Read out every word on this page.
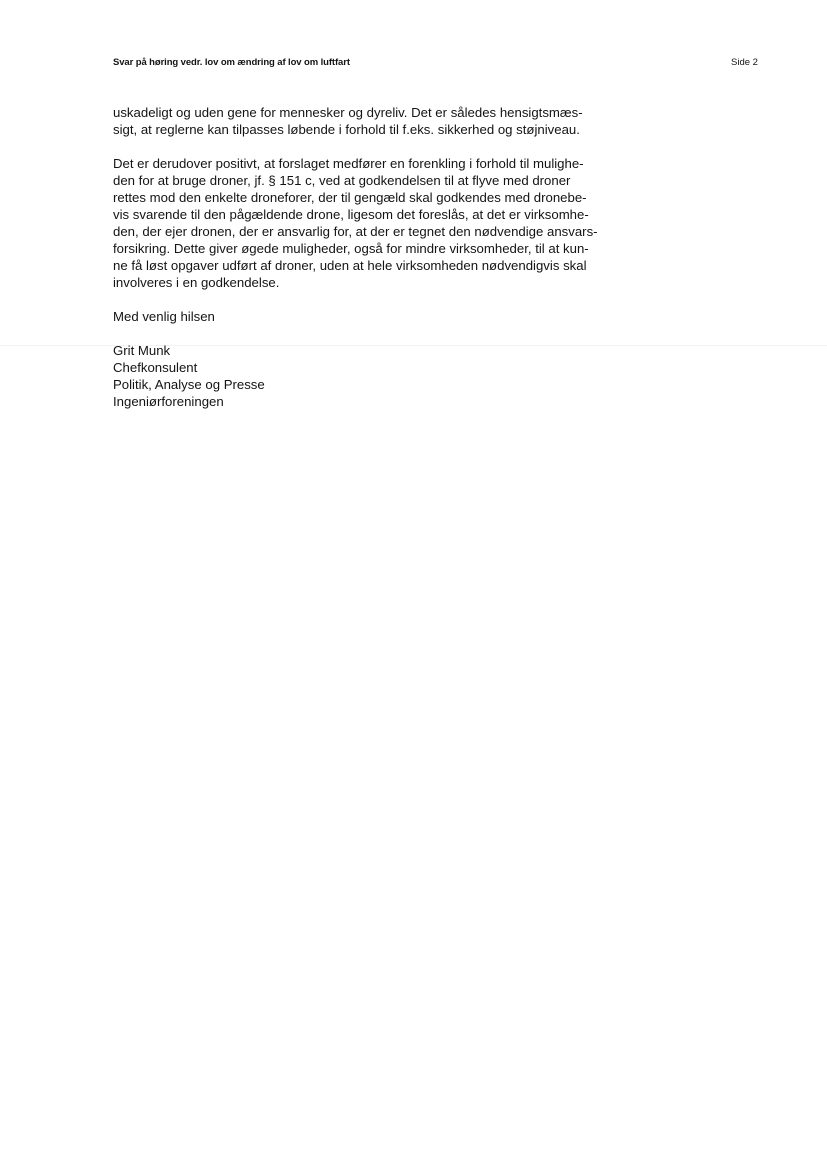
Svar på høring vedr. lov om ændring af lov om luftfart	Side 2
uskadeligt og uden gene for mennesker og dyreliv. Det er således hensigtsmæs-
sigt, at reglerne kan tilpasses løbende i forhold til f.eks. sikkerhed og støjniveau.
Det er derudover positivt, at forslaget medfører en forenkling i forhold til mulighe-
den for at bruge droner, jf. § 151 c, ved at godkendelsen til at flyve med droner
rettes mod den enkelte droneforer, der til gengæld skal godkendes med dronebe-
vis svarende til den pågældende drone, ligesom det foreslås, at det er virksomhe-
den, der ejer dronen, der er ansvarlig for, at der er tegnet den nødvendige ansvars-
forsikring. Dette giver øgede muligheder, også for mindre virksomheder, til at kun-
ne få løst opgaver udført af droner, uden at hele virksomheden nødvendigvis skal
involveres i en godkendelse.
Med venlig hilsen
Grit Munk
Chefkonsulent
Politik, Analyse og Presse
Ingeniørforeningen
